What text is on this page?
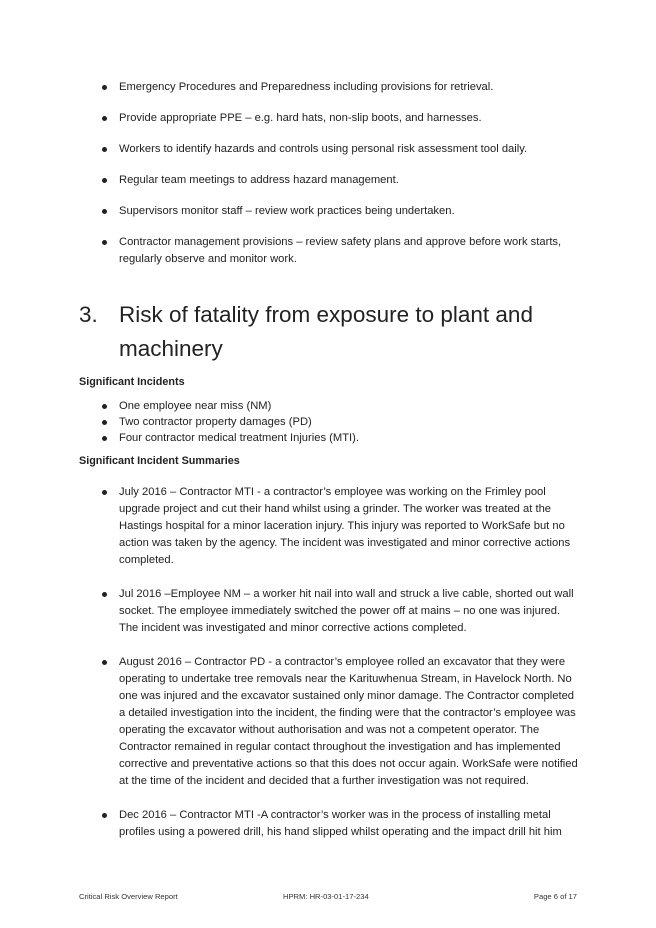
Emergency Procedures and Preparedness including provisions for retrieval.
Provide appropriate PPE – e.g. hard hats, non-slip boots, and harnesses.
Workers to identify hazards and controls using personal risk assessment tool daily.
Regular team meetings to address hazard management.
Supervisors monitor staff – review work practices being undertaken.
Contractor management provisions – review safety plans and approve before work starts, regularly observe and monitor work.
3. Risk of fatality from exposure to plant and machinery
Significant Incidents
One employee near miss (NM)
Two contractor property damages (PD)
Four contractor medical treatment Injuries (MTI).
Significant Incident Summaries
July 2016 – Contractor MTI - a contractor’s employee was working on the Frimley pool upgrade project and cut their hand whilst using a grinder. The worker was treated at the Hastings hospital for a minor laceration injury. This injury was reported to WorkSafe but no action was taken by the agency. The incident was investigated and minor corrective actions completed.
Jul 2016 –Employee NM – a worker hit nail into wall and struck a live cable, shorted out wall socket. The employee immediately switched the power off at mains – no one was injured. The incident was investigated and minor corrective actions completed.
August 2016 – Contractor PD - a contractor’s employee rolled an excavator that they were operating to undertake tree removals near the Karituwhenua Stream, in Havelock North. No one was injured and the excavator sustained only minor damage. The Contractor completed a detailed investigation into the incident, the finding were that the contractor’s employee was operating the excavator without authorisation and was not a competent operator. The Contractor remained in regular contact throughout the investigation and has implemented corrective and preventative actions so that this does not occur again. WorkSafe were notified at the time of the incident and decided that a further investigation was not required.
Dec 2016 – Contractor MTI -A contractor’s worker was in the process of installing metal profiles using a powered drill, his hand slipped whilst operating and the impact drill hit him
Critical Risk Overview Report	HPRM: HR-03-01-17-234	Page 6 of 17
